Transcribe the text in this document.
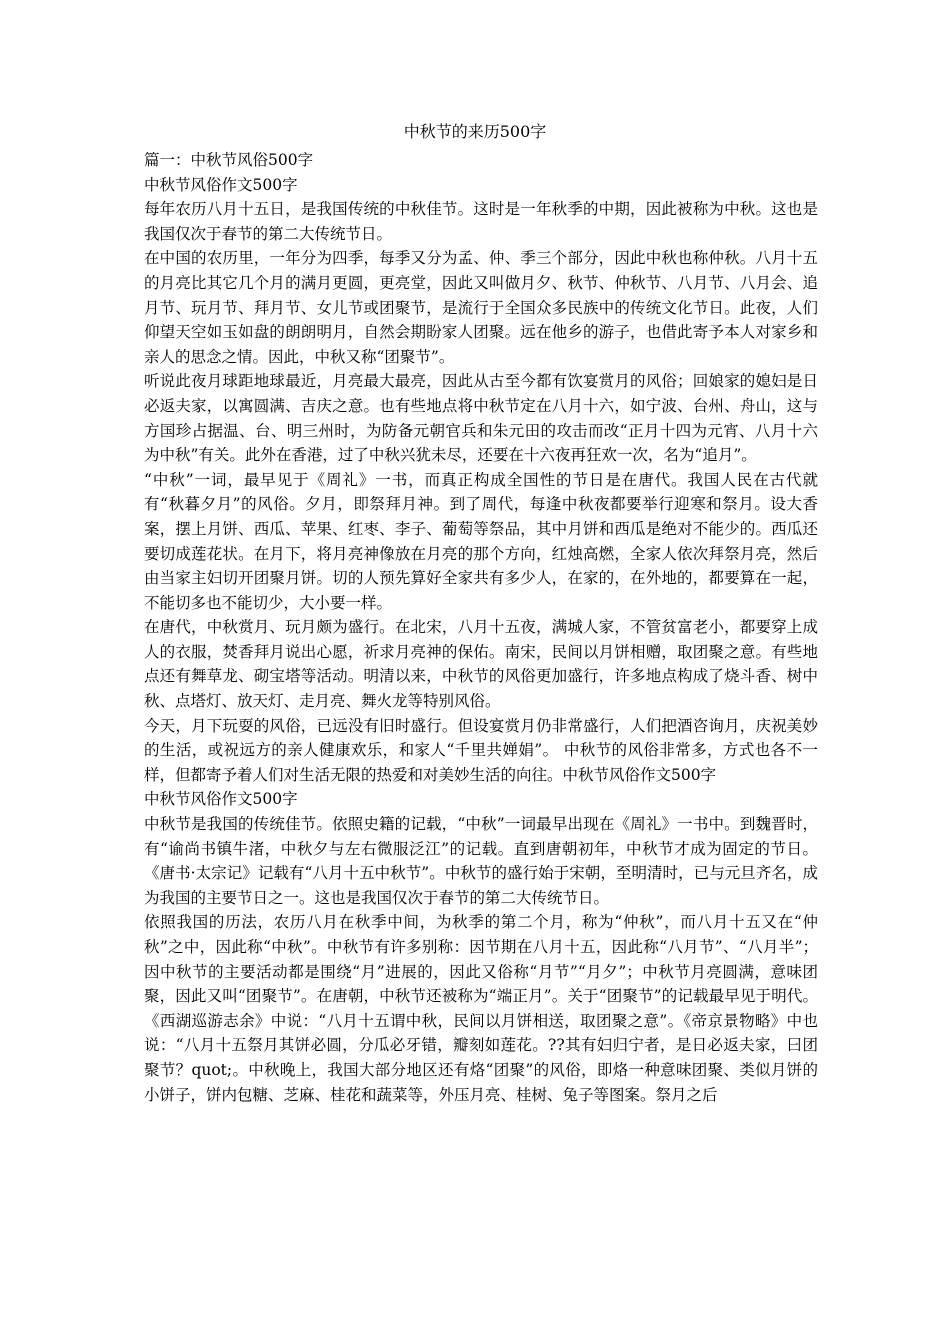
中秋节的来历500字

篇一：中秋节风俗500字

中秋节风俗作文500字

每年农历八月十五日，是我国传统的中秋佳节。这时是一年秋季的中期，因此被称为中秋。这也是我国仅次于春节的第二大传统节日。

在中国的农历里，一年分为四季，每季又分为孟、仲、季三个部分，因此中秋也称仲秋。八月十五的月亮比其它几个月的满月更圆，更亮堂，因此又叫做月夕、秋节、仲秋节、八月节、八月会、追月节、玩月节、拜月节、女儿节或团聚节，是流行于全国众多民族中的传统文化节日。此夜，人们仰望天空如玉如盘的朗朗明月，自然会期盼家人团聚。远在他乡的游子，也借此寄予本人对家乡和亲人的思念之情。因此，中秋又称“团聚节”。

听说此夜月球距地球最近，月亮最大最亮，因此从古至今都有饮宴赏月的风俗；回娘家的媳妇是日必返夫家，以寓圆满、吉庆之意。也有些地点将中秋节定在八月十六，如宁波、台州、舟山，这与方国珍占据温、台、明三州时，为防备元朝官兵和朱元田的攻击而改“正月十四为元宵、八月十六为中秋”有关。此外在香港，过了中秋兴犹未尽，还要在十六夜再狂欢一次，名为“追月”。

“中秋”一词，最早见于《周礼》一书，而真正构成全国性的节日是在唐代。我国人民在古代就有“秋暮夕月”的风俗。夕月，即祭拜月神。到了周代，每逢中秋夜都要举行迎寒和祭月。设大香案，摆上月饼、西瓜、苹果、红枣、李子、葡萄等祭品，其中月饼和西瓜是绝对不能少的。西瓜还要切成莲花状。在月下，将月亮神像放在月亮的那个方向，红烛高燃，全家人依次拜祭月亮，然后由当家主妇切开团聚月饼。切的人预先算好全家共有多少人，在家的，在外地的，都要算在一起，不能切多也不能切少，大小要一样。

在唐代，中秋赏月、玩月颇为盛行。在北宋，八月十五夜，满城人家，不管贫富老小，都要穿上成人的衣服，焚香拜月说出心愿，祈求月亮神的保佑。南宋，民间以月饼相赠，取团聚之意。有些地点还有舞草龙、砌宝塔等活动。明清以来，中秋节的风俗更加盛行，许多地点构成了烧斗香、树中秋、点塔灯、放天灯、走月亮、舞火龙等特别风俗。

今天，月下玩耍的风俗，已远没有旧时盛行。但设宴赏月仍非常盛行，人们把酒咨询月，庆祝美妙的生活，或祝远方的亲人健康欢乐，和家人“千里共婵娟”。 中秋节的风俗非常多，方式也各不一样，但都寄予着人们对生活无限的热爱和对美妙生活的向往。中秋节风俗作文500字

中秋节风俗作文500字

中秋节是我国的传统佳节。依照史籍的记载，“中秋”一词最早出现在《周礼》一书中。到魏晋时，有“谕尚书镇牛渚，中秋夕与左右微服泛江”的记载。直到唐朝初年，中秋节才成为固定的节日。《唐书·太宗记》记载有“八月十五中秋节”。中秋节的盛行始于宋朝，至明清时，已与元旦齐名，成为我国的主要节日之一。这也是我国仅次于春节的第二大传统节日。

依照我国的历法，农历八月在秋季中间，为秋季的第二个月，称为“仲秋”，而八月十五又在“仲秋”之中，因此称“中秋”。中秋节有许多别称：因节期在八月十五，因此称“八月节”、“八月半”；因中秋节的主要活动都是围绕“月”进展的，因此又俗称“月节”“月夕”；中秋节月亮圆满，意味团聚，因此又叫“团聚节”。在唐朝，中秋节还被称为“端正月”。关于“团聚节”的记载最早见于明代。《西湖巡游志余》中说：“八月十五谓中秋，民间以月饼相送，取团聚之意”。《帝京景物略》中也说：“八月十五祭月其饼必圆，分瓜必牙错，瓣刻如莲花。??其有妇归宁者，是日必返夫家，曰团聚节？quot;。中秋晚上，我国大部分地区还有烙“团聚”的风俗，即烙一种意味团聚、类似月饼的小饼子，饼内包糖、芝麻、桂花和蔬菜等，外压月亮、桂树、兔子等图案。祭月之后
